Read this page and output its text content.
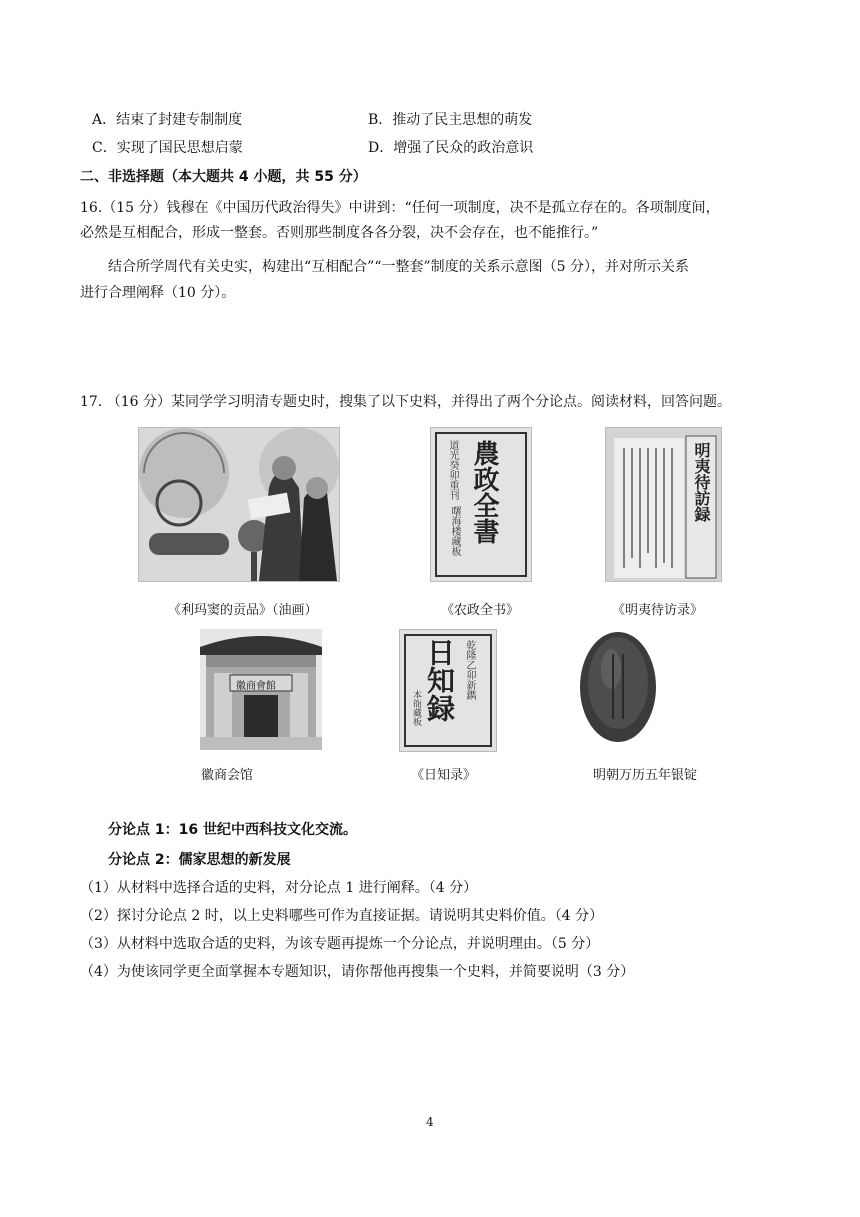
A．结束了封建专制制度	B．推动了民主思想的萌发
C．实现了国民思想启蒙	D．增强了民众的政治意识
二、非选择题（本大题共 4 小题，共 55 分）
16.（15 分）钱穆在《中国历代政治得失》中讲到：“任何一项制度，决不是孤立存在的。各项制度间，
必然是互相配合，形成一整套。否则那些制度各各分裂，决不会存在，也不能推行。”
结合所学周代有关史实，构建出“互相配合”“一整套”制度的关系示意图（5 分），并对所示关系
进行合理阐释（10 分）。
17. （16 分）某同学学习明清专题史时，搜集了以下史料，并得出了两个分论点。阅读材料，回答问题。
道光癸卯重刊 農政全書
曙海楼藏板
明夷待訪録
《利玛窦的贡品》（油画）	《农政全书》	《明夷待访录》
徽商會館	乾隆乙卯新鐫
日知録
本衙藏板
徽商会馆	《日知录》	明朝万历五年银锭
分论点 1：16 世纪中西科技文化交流。
分论点 2：儒家思想的新发展
（1）从材料中选择合适的史料，对分论点 1 进行阐释。（4 分）
（2）探讨分论点 2 时，以上史料哪些可作为直接证据。请说明其史料价值。（4 分）
（3）从材料中选取合适的史料，为该专题再提炼一个分论点，并说明理由。（5 分）
（4）为使该同学更全面掌握本专题知识，请你帮他再搜集一个史料，并简要说明（3 分）
4
